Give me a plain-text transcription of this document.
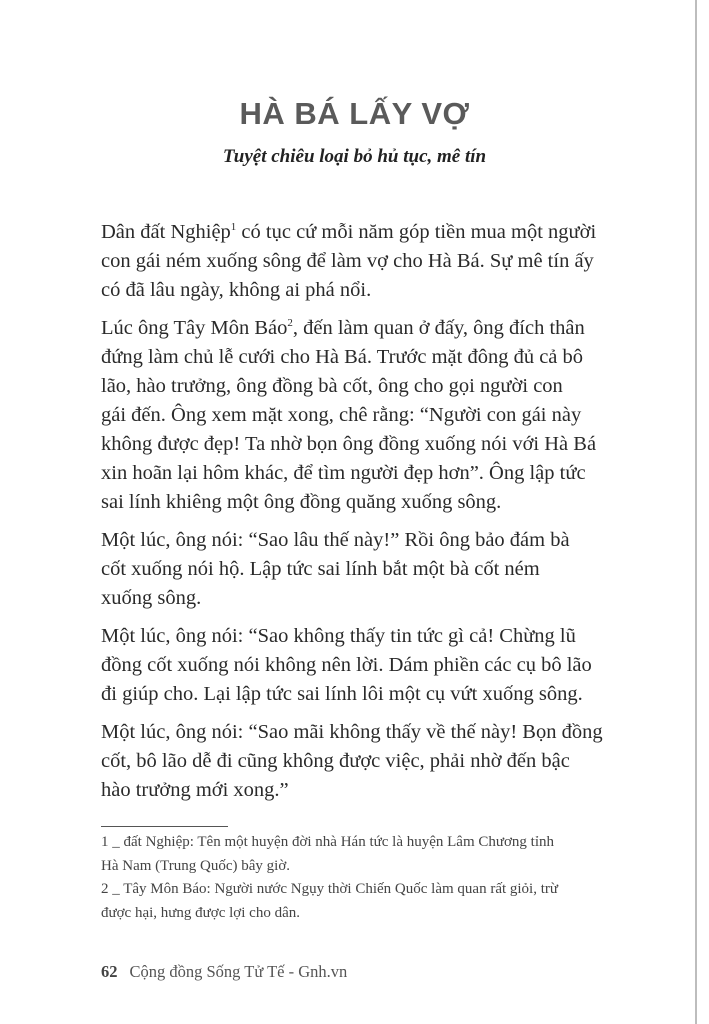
HÀ BÁ LẤY VỢ
Tuyệt chiêu loại bỏ hủ tục, mê tín

Dân đất Nghiệp$^1$ có tục cứ mỗi năm góp tiền mua một người
con gái ném xuống sông để làm vợ cho Hà Bá. Sự mê tín ấy
có đã lâu ngày, không ai phá nổi.

Lúc ông Tây Môn Báo$^2$, đến làm quan ở đấy, ông đích thân
đứng làm chủ lễ cưới cho Hà Bá. Trước mặt đông đủ cả bô
lão, hào trưởng, ông đồng bà cốt, ông cho gọi người con
gái đến. Ông xem mặt xong, chê rằng: “Người con gái này
không được đẹp! Ta nhờ bọn ông đồng xuống nói với Hà Bá
xin hoãn lại hôm khác, để tìm người đẹp hơn”. Ông lập tức
sai lính khiêng một ông đồng quăng xuống sông.

Một lúc, ông nói: “Sao lâu thế này!” Rồi ông bảo đám bà
cốt xuống nói hộ. Lập tức sai lính bắt một bà cốt ném
xuống sông.

Một lúc, ông nói: “Sao không thấy tin tức gì cả! Chừng lũ
đồng cốt xuống nói không nên lời. Dám phiền các cụ bô lão
đi giúp cho. Lại lập tức sai lính lôi một cụ vứt xuống sông.

Một lúc, ông nói: “Sao mãi không thấy về thế này! Bọn đồng
cốt, bô lão dễ đi cũng không được việc, phải nhờ đến bậc
hào trưởng mới xong.”

1 _ đất Nghiệp: Tên một huyện đời nhà Hán tức là huyện Lâm Chương tỉnh
Hà Nam (Trung Quốc) bây giờ.
2 _ Tây Môn Báo: Người nước Ngụy thời Chiến Quốc làm quan rất giỏi, trừ
được hại, hưng được lợi cho dân.
62 Cộng đồng Sống Tử Tế - Gnh.vn
